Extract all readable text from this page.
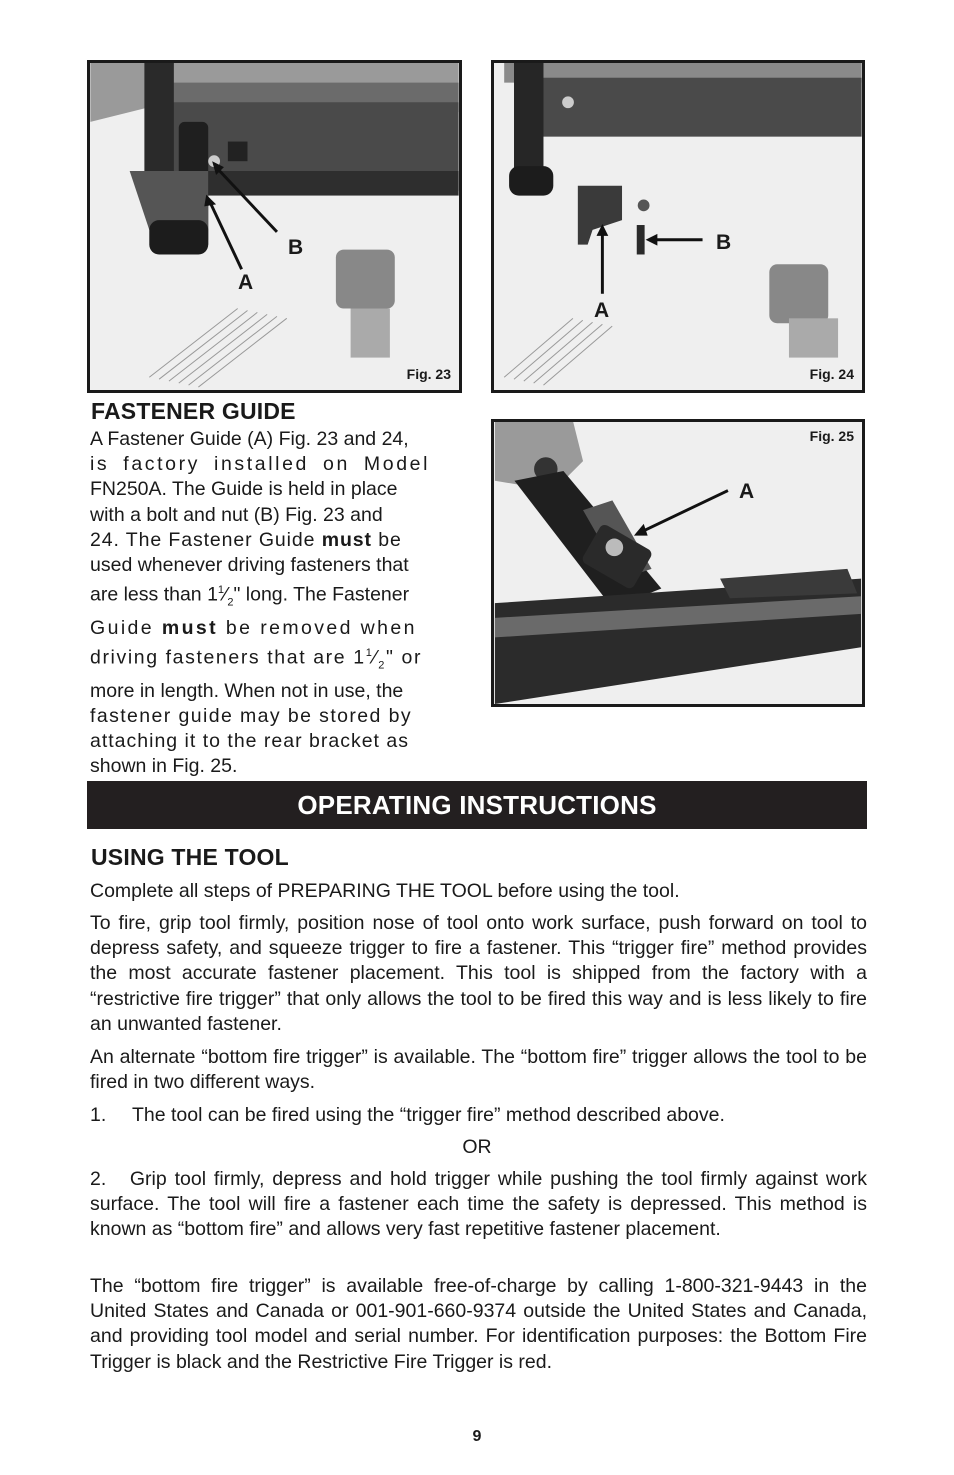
B
A
Fig. 23
B
A
Fig. 24
Fig. 25
A
FASTENER GUIDE
A Fastener Guide (A) Fig. 23 and 24,
is factory installed on Model
FN250A. The Guide is held in place
with a bolt and nut (B) Fig. 23 and
24. The Fastener Guide must be
used whenever driving fasteners that
are less than $1^1⁄_2$" long. The Fastener
Guide must be removed when
driving fasteners that are $1^1⁄_2$" or
more in length. When not in use, the
fastener guide may be stored by
attaching it to the rear bracket as
shown in Fig. 25.
OPERATING INSTRUCTIONS
USING THE TOOL

Complete all steps of PREPARING THE TOOL before using the tool.

To fire, grip tool firmly, position nose of tool onto work surface, push forward on tool to depress safety, and squeeze trigger to fire a fastener. This “trigger fire” method provides the most accurate fastener placement. This tool is shipped from the factory with a “restrictive fire trigger” that only allows the tool to be fired this way and is less likely to fire an unwanted fastener.

An alternate “bottom fire trigger” is available. The “bottom fire” trigger allows the tool to be fired in two different ways.

1. The tool can be fired using the “trigger fire” method described above.
OR

2.   Grip tool firmly, depress and hold trigger while pushing the tool firmly against work surface. The tool will fire a fastener each time the safety is depressed. This method is known as “bottom fire” and allows very fast repetitive fastener placement.

The “bottom fire trigger” is available free-of-charge by calling 1-800-321-9443 in the United States and Canada or 001-901-660-9374 outside the United States and Canada, and providing tool model and serial number. For identification purposes: the Bottom Fire Trigger is black and the Restrictive Fire Trigger is red.

9
